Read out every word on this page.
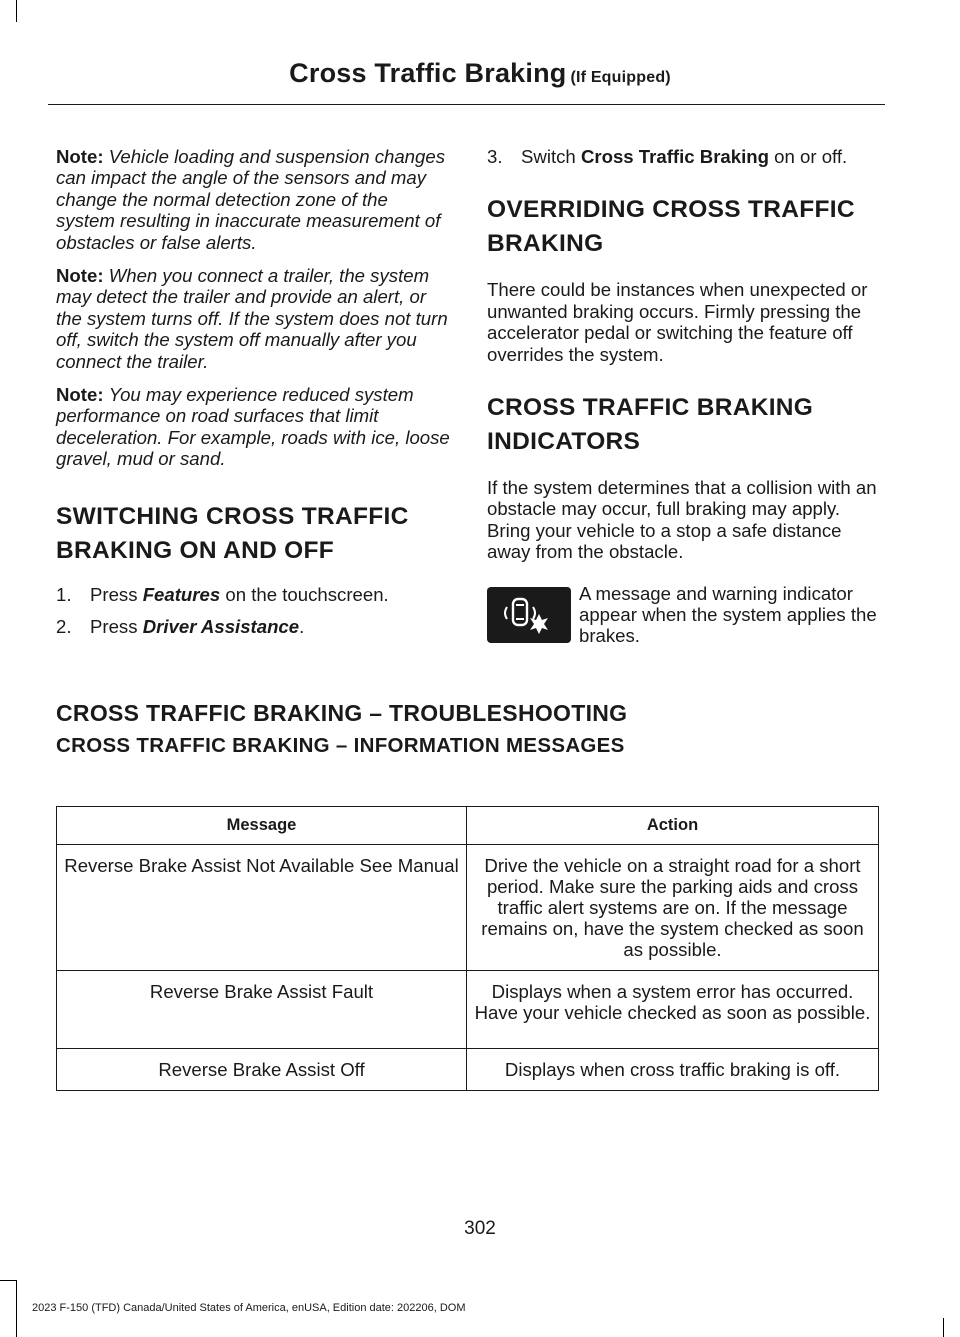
Cross Traffic Braking (If Equipped)

Note: Vehicle loading and suspension changes can impact the angle of the sensors and may change the normal detection zone of the system resulting in inaccurate measurement of obstacles or false alerts.

Note: When you connect a trailer, the system may detect the trailer and provide an alert, or the system turns off. If the system does not turn off, switch the system off manually after you connect the trailer.

Note: You may experience reduced system performance on road surfaces that limit deceleration. For example, roads with ice, loose gravel, mud or sand.

SWITCHING CROSS TRAFFIC BRAKING ON AND OFF
1. Press Features on the touchscreen.
2. Press Driver Assistance.
3. Switch Cross Traffic Braking on or off.
OVERRIDING CROSS TRAFFIC BRAKING

There could be instances when unexpected or unwanted braking occurs. Firmly pressing the accelerator pedal or switching the feature off overrides the system.

CROSS TRAFFIC BRAKING INDICATORS

If the system determines that a collision with an obstacle may occur, full braking may apply. Bring your vehicle to a stop a safe distance away from the obstacle.

A message and warning indicator appear when the system applies the brakes.
CROSS TRAFFIC BRAKING – TROUBLESHOOTING
CROSS TRAFFIC BRAKING – INFORMATION MESSAGES
Message	Action
Reverse Brake Assist Not Available See Manual	Drive the vehicle on a straight road for a short period. Make sure the parking aids and cross traffic alert systems are on. If the message remains on, have the system checked as soon as possible.
Reverse Brake Assist Fault	Displays when a system error has occurred. Have your vehicle checked as soon as possible.
Reverse Brake Assist Off	Displays when cross traffic braking is off.
302
2023 F-150 (TFD) Canada/United States of America, enUSA, Edition date: 202206, DOM
